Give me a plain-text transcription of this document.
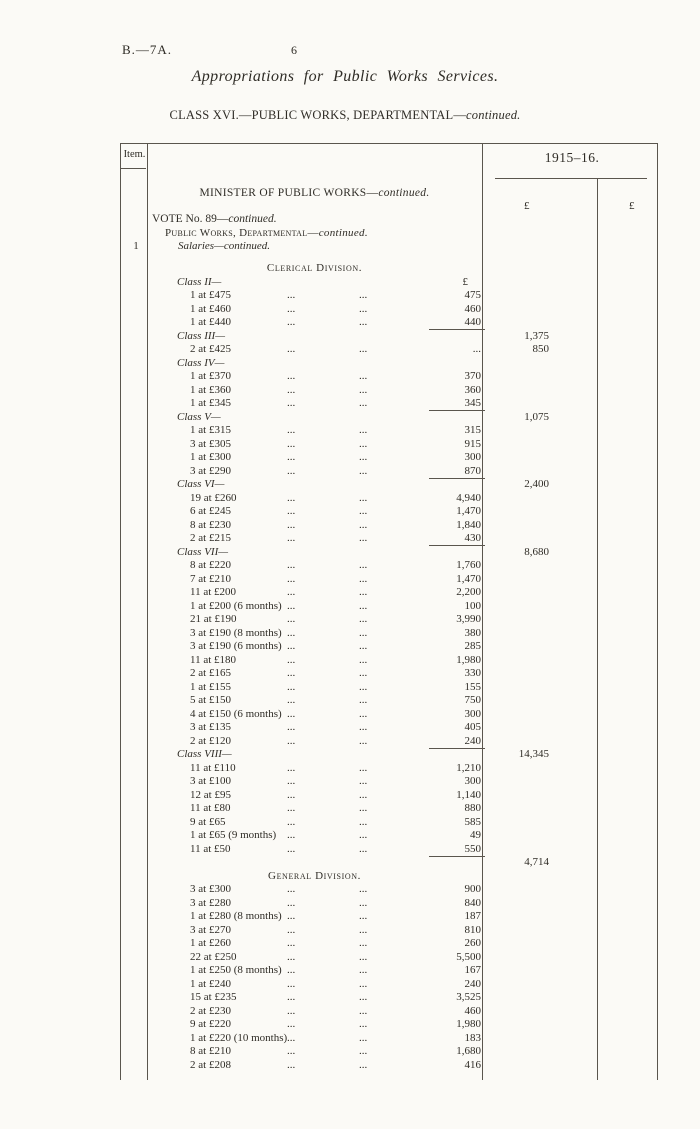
B.—7A.	6
Appropriations for Public Works Services.
CLASS XVI.—PUBLIC WORKS, DEPARTMENTAL—continued.
Item.	1915–16.
£	£
MINISTER OF PUBLIC WORKS—continued.
VOTE No. 89—continued.
Public Works, Departmental—continued.
1	Salaries—continued.
Clerical Division.
Class II—	£
1 at £475	...	...	475
1 at £460	...	...	460
1 at £440	...	...	440
Class III—	1,375
2 at £425	...	...	...	850
Class IV—
1 at £370	...	...	370
1 at £360	...	...	360
1 at £345	...	...	345
Class V—	1,075
1 at £315	...	...	315
3 at £305	...	...	915
1 at £300	...	...	300
3 at £290	...	...	870
Class VI—	2,400
19 at £260	...	...	4,940
6 at £245	...	...	1,470
8 at £230	...	...	1,840
2 at £215	...	...	430
Class VII—	8,680
8 at £220	...	...	1,760
7 at £210	...	...	1,470
11 at £200	...	...	2,200
1 at £200 (6 months) ...	...	100
21 at £190	...	...	3,990
3 at £190 (8 months) ...	...	380
3 at £190 (6 months) ...	...	285
11 at £180	...	...	1,980
2 at £165	...	...	330
1 at £155	...	...	155
5 at £150	...	...	750
4 at £150 (6 months) ...	...	300
3 at £135	...	...	405
2 at £120	...	...	240
Class VIII—	14,345
11 at £110	...	...	1,210
3 at £100	...	...	300
12 at £95	...	...	1,140
11 at £80	...	...	880
9 at £65	...	...	585
1 at £65 (9 months) ...	...	49
11 at £50	...	...	550
4,714
General Division.
3 at £300	...	...	900
3 at £280	...	...	840
1 at £280 (8 months) ...	...	187
3 at £270	...	...	810
1 at £260	...	...	260
22 at £250	...	...	5,500
1 at £250 (8 months) ...	...	167
1 at £240	...	...	240
15 at £235	...	...	3,525
2 at £230	...	...	460
9 at £220	...	...	1,980
1 at £220 (10 months) ...	...	183
8 at £210	...	...	1,680
2 at £208	...	...	416
